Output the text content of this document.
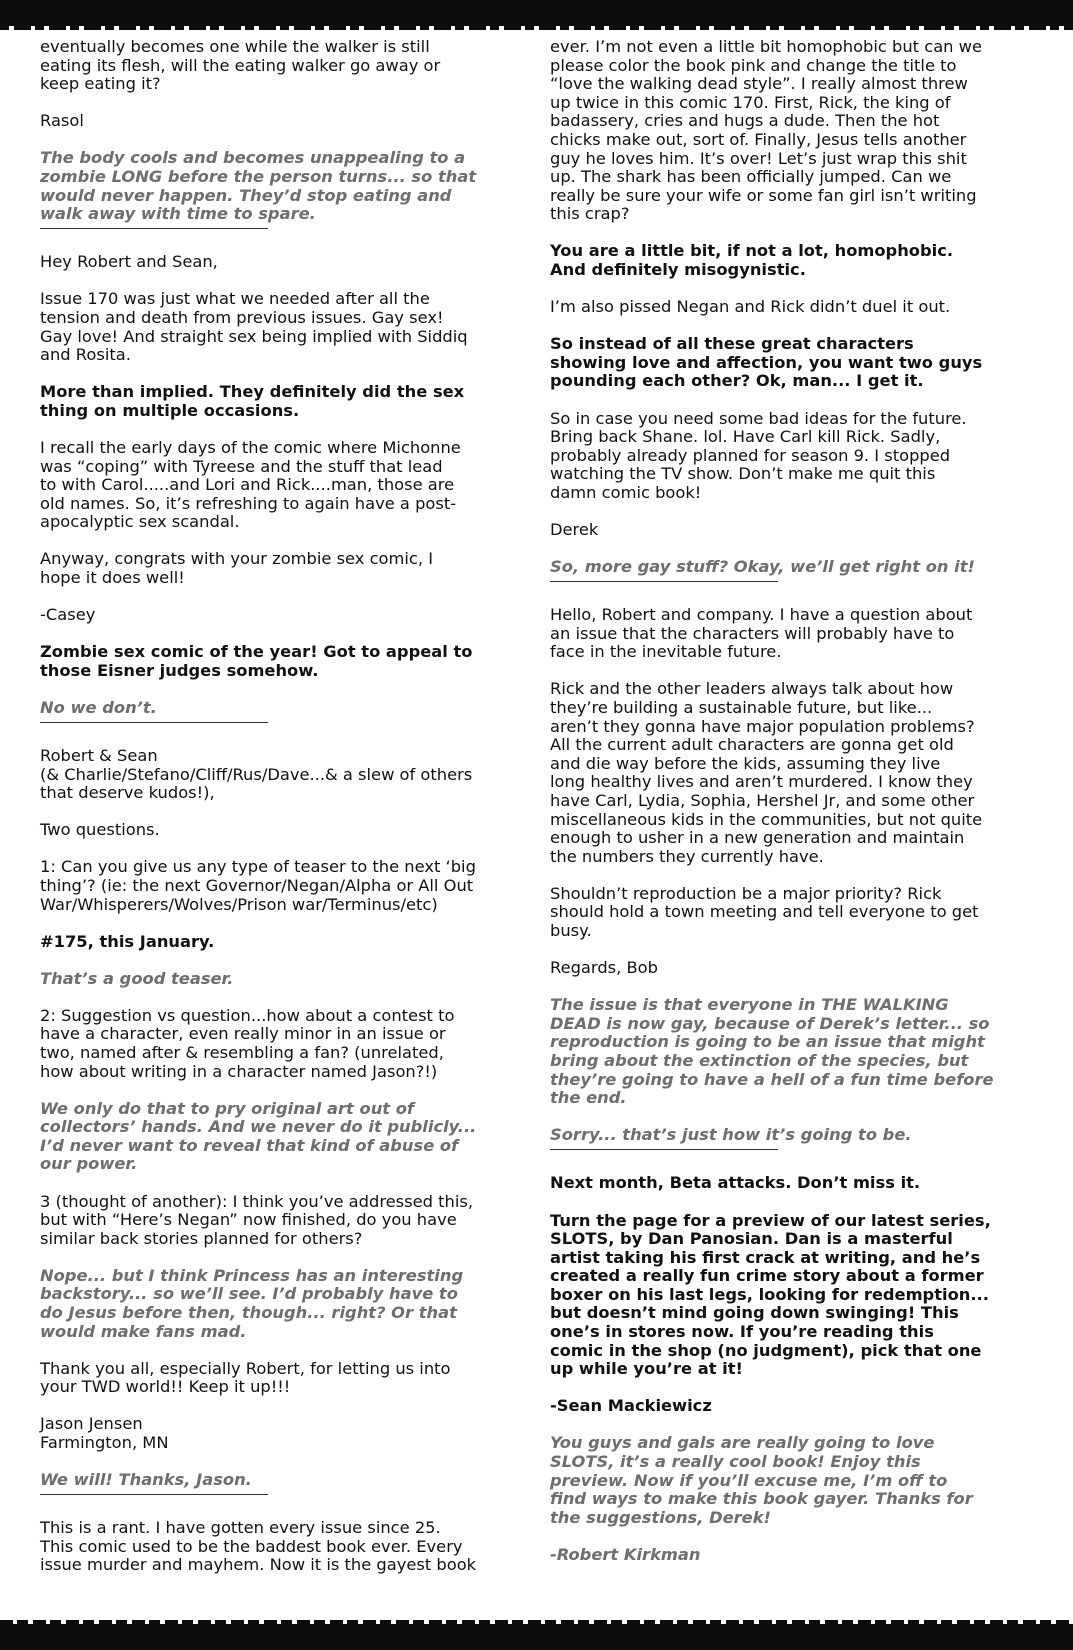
eventually becomes one while the walker is still
eating its flesh, will the eating walker go away or
keep eating it?

Rasol

The body cools and becomes unappealing to a
zombie LONG before the person turns... so that
would never happen. They’d stop eating and
walk away with time to spare.

Hey Robert and Sean,

Issue 170 was just what we needed after all the
tension and death from previous issues. Gay sex!
Gay love! And straight sex being implied with Siddiq
and Rosita.

More than implied. They definitely did the sex
thing on multiple occasions.

I recall the early days of the comic where Michonne
was “coping” with Tyreese and the stuff that lead
to with Carol.....and Lori and Rick....man, those are
old names. So, it’s refreshing to again have a post-
apocalyptic sex scandal.

Anyway, congrats with your zombie sex comic, I
hope it does well!

-Casey

Zombie sex comic of the year! Got to appeal to
those Eisner judges somehow.

No we don’t.

Robert & Sean
(& Charlie/Stefano/Cliff/Rus/Dave...& a slew of others
that deserve kudos!),

Two questions.

1: Can you give us any type of teaser to the next ‘big
thing’? (ie: the next Governor/Negan/Alpha or All Out
War/Whisperers/Wolves/Prison war/Terminus/etc)

#175, this January.

That’s a good teaser.

2: Suggestion vs question...how about a contest to
have a character, even really minor in an issue or
two, named after & resembling a fan? (unrelated,
how about writing in a character named Jason?!)

We only do that to pry original art out of
collectors’ hands. And we never do it publicly...
I’d never want to reveal that kind of abuse of
our power.

3 (thought of another): I think you’ve addressed this,
but with “Here’s Negan” now finished, do you have
similar back stories planned for others?

Nope... but I think Princess has an interesting
backstory... so we’ll see. I’d probably have to
do Jesus before then, though... right? Or that
would make fans mad.

Thank you all, especially Robert, for letting us into
your TWD world!! Keep it up!!!

Jason Jensen
Farmington, MN

We will! Thanks, Jason.

This is a rant. I have gotten every issue since 25.
This comic used to be the baddest book ever. Every
issue murder and mayhem. Now it is the gayest book

ever. I’m not even a little bit homophobic but can we
please color the book pink and change the title to
“love the walking dead style”. I really almost threw
up twice in this comic 170. First, Rick, the king of
badassery, cries and hugs a dude. Then the hot
chicks make out, sort of. Finally, Jesus tells another
guy he loves him. It’s over! Let’s just wrap this shit
up. The shark has been officially jumped. Can we
really be sure your wife or some fan girl isn’t writing
this crap?

You are a little bit, if not a lot, homophobic.
And definitely misogynistic.

I’m also pissed Negan and Rick didn’t duel it out.

So instead of all these great characters
showing love and affection, you want two guys
pounding each other? Ok, man... I get it.

So in case you need some bad ideas for the future.
Bring back Shane. lol. Have Carl kill Rick. Sadly,
probably already planned for season 9. I stopped
watching the TV show. Don’t make me quit this
damn comic book!

Derek

So, more gay stuff? Okay, we’ll get right on it!

Hello, Robert and company. I have a question about
an issue that the characters will probably have to
face in the inevitable future.

Rick and the other leaders always talk about how
they’re building a sustainable future, but like...
aren’t they gonna have major population problems?
All the current adult characters are gonna get old
and die way before the kids, assuming they live
long healthy lives and aren’t murdered. I know they
have Carl, Lydia, Sophia, Hershel Jr, and some other
miscellaneous kids in the communities, but not quite
enough to usher in a new generation and maintain
the numbers they currently have.

Shouldn’t reproduction be a major priority? Rick
should hold a town meeting and tell everyone to get
busy.

Regards, Bob

The issue is that everyone in THE WALKING
DEAD is now gay, because of Derek’s letter... so
reproduction is going to be an issue that might
bring about the extinction of the species, but
they’re going to have a hell of a fun time before
the end.

Sorry... that’s just how it’s going to be.

Next month, Beta attacks. Don’t miss it.

Turn the page for a preview of our latest series,
SLOTS, by Dan Panosian. Dan is a masterful
artist taking his first crack at writing, and he’s
created a really fun crime story about a former
boxer on his last legs, looking for redemption...
but doesn’t mind going down swinging! This
one’s in stores now. If you’re reading this
comic in the shop (no judgment), pick that one
up while you’re at it!

-Sean Mackiewicz

You guys and gals are really going to love
SLOTS, it’s a really cool book! Enjoy this
preview. Now if you’ll excuse me, I’m off to
find ways to make this book gayer. Thanks for
the suggestions, Derek!

-Robert Kirkman
